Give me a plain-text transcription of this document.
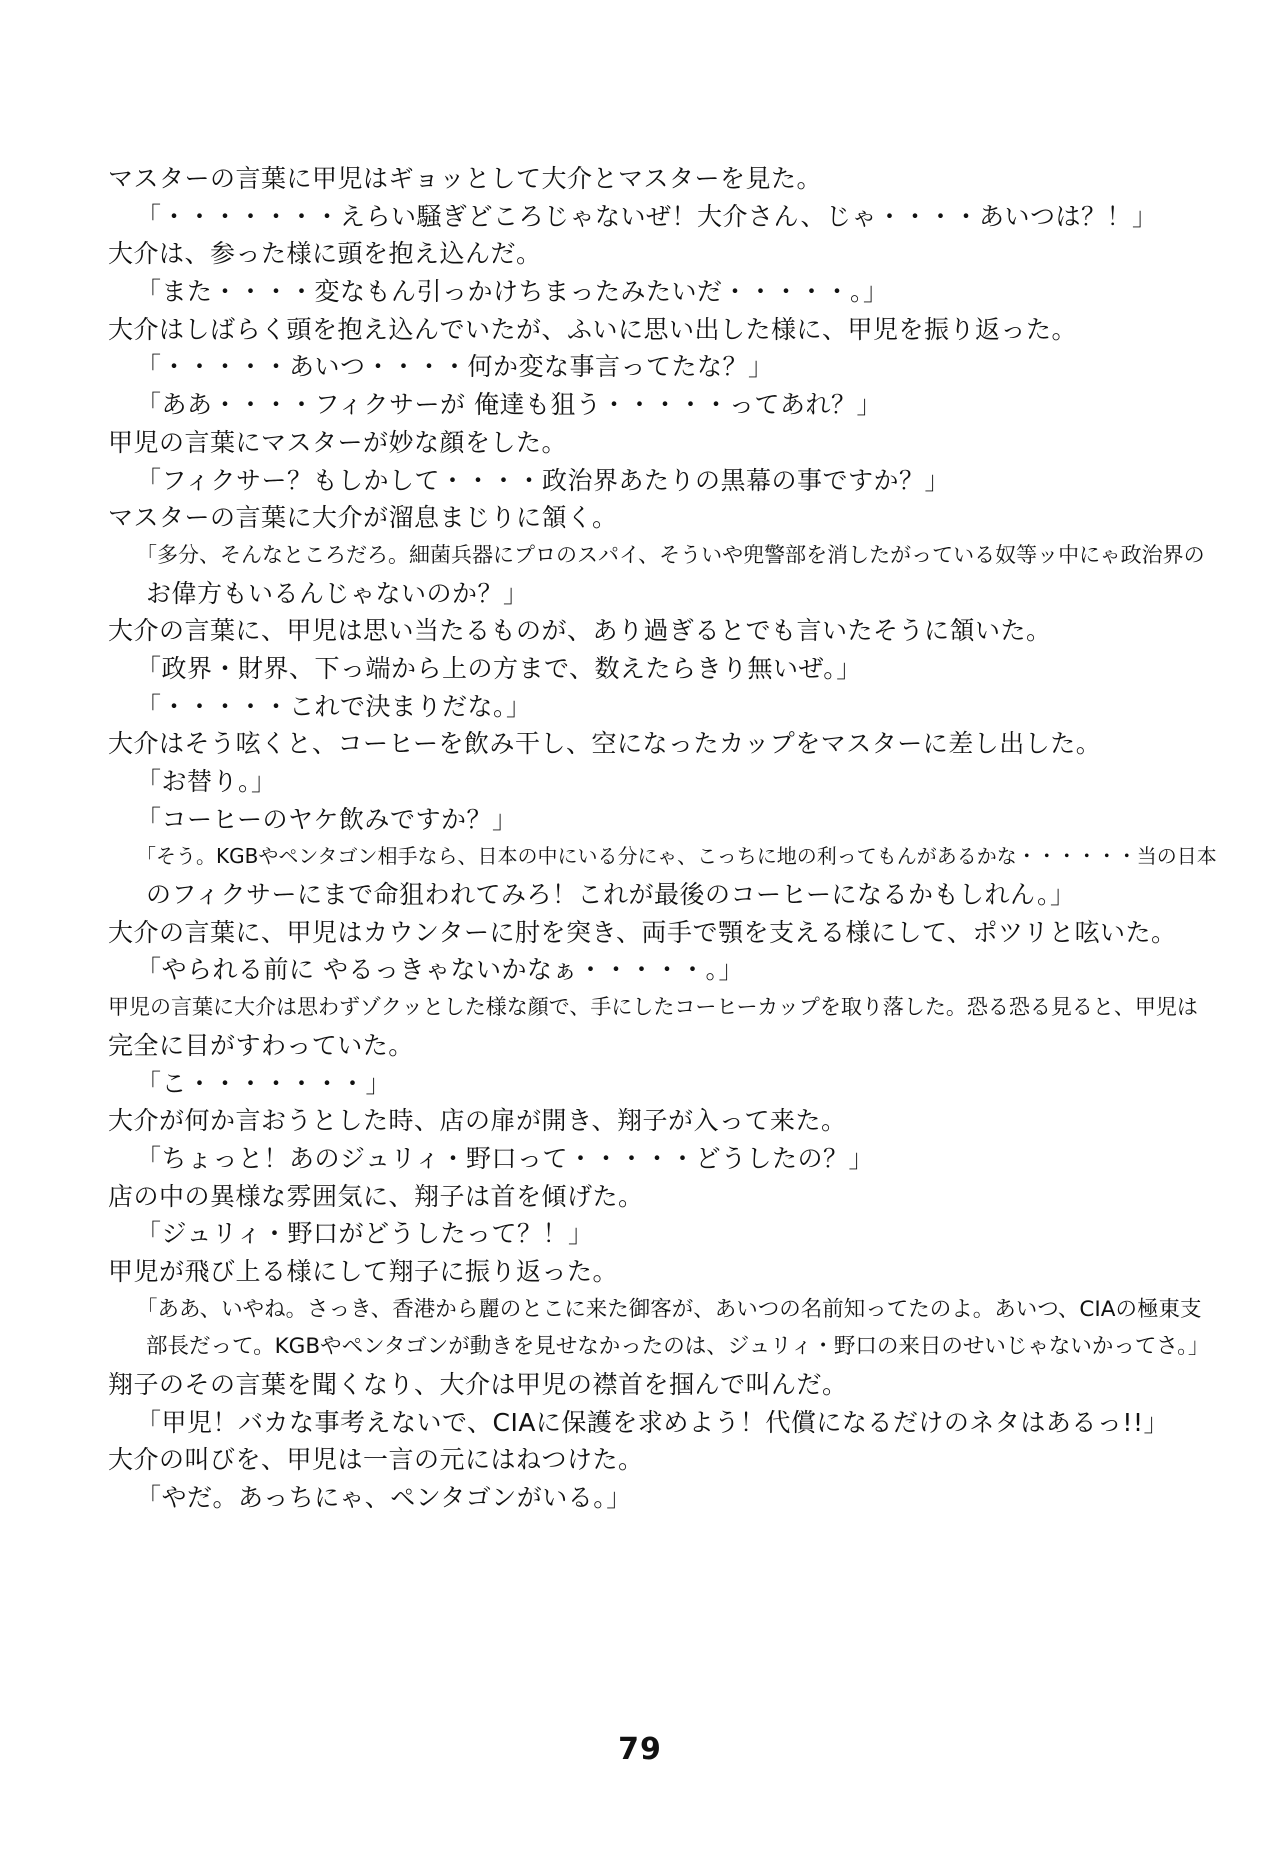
マスターの言葉に甲児はギョッとして大介とマスターを見た。
「・・・・・・・えらい騒ぎどころじゃないぜ！大介さん、じゃ・・・・あいつは？！」
大介は、参った様に頭を抱え込んだ。
「また・・・・変なもん引っかけちまったみたいだ・・・・・。」
大介はしばらく頭を抱え込んでいたが、ふいに思い出した様に、甲児を振り返った。
「・・・・・あいつ・・・・何か変な事言ってたな？」
「ああ・・・・フィクサーが 俺達も狙う・・・・・ってあれ？」
甲児の言葉にマスターが妙な顔をした。
「フィクサー？もしかして・・・・政治界あたりの黒幕の事ですか？」
マスターの言葉に大介が溜息まじりに頷く。
「多分、そんなところだろ。細菌兵器にプロのスパイ、そういや兜警部を消したがっている奴等ッ中にゃ政治界の
お偉方もいるんじゃないのか？」
大介の言葉に、甲児は思い当たるものが、あり過ぎるとでも言いたそうに頷いた。
「政界・財界、下っ端から上の方まで、数えたらきり無いぜ。」
「・・・・・これで決まりだな。」
大介はそう呟くと、コーヒーを飲み干し、空になったカップをマスターに差し出した。
「お替り。」
「コーヒーのヤケ飲みですか？」
「そう。KGBやペンタゴン相手なら、日本の中にいる分にゃ、こっちに地の利ってもんがあるかな・・・・・・当の日本
のフィクサーにまで命狙われてみろ！これが最後のコーヒーになるかもしれん。」
大介の言葉に、甲児はカウンターに肘を突き、両手で顎を支える様にして、ポツリと呟いた。
「やられる前に やるっきゃないかなぁ・・・・・。」
甲児の言葉に大介は思わずゾクッとした様な顔で、手にしたコーヒーカップを取り落した。恐る恐る見ると、甲児は
完全に目がすわっていた。
「こ・・・・・・・」
大介が何か言おうとした時、店の扉が開き、翔子が入って来た。
「ちょっと！あのジュリィ・野口って・・・・・どうしたの？」
店の中の異様な雰囲気に、翔子は首を傾げた。
「ジュリィ・野口がどうしたって？！」
甲児が飛び上る様にして翔子に振り返った。
「ああ、いやね。さっき、香港から麗のとこに来た御客が、あいつの名前知ってたのよ。あいつ、CIAの極東支
部長だって。KGBやペンタゴンが動きを見せなかったのは、ジュリィ・野口の来日のせいじゃないかってさ。」
翔子のその言葉を聞くなり、大介は甲児の襟首を掴んで叫んだ。
「甲児！バカな事考えないで、CIAに保護を求めよう！代償になるだけのネタはあるっ!!」
大介の叫びを、甲児は一言の元にはねつけた。
「やだ。あっちにゃ、ペンタゴンがいる。」
79
